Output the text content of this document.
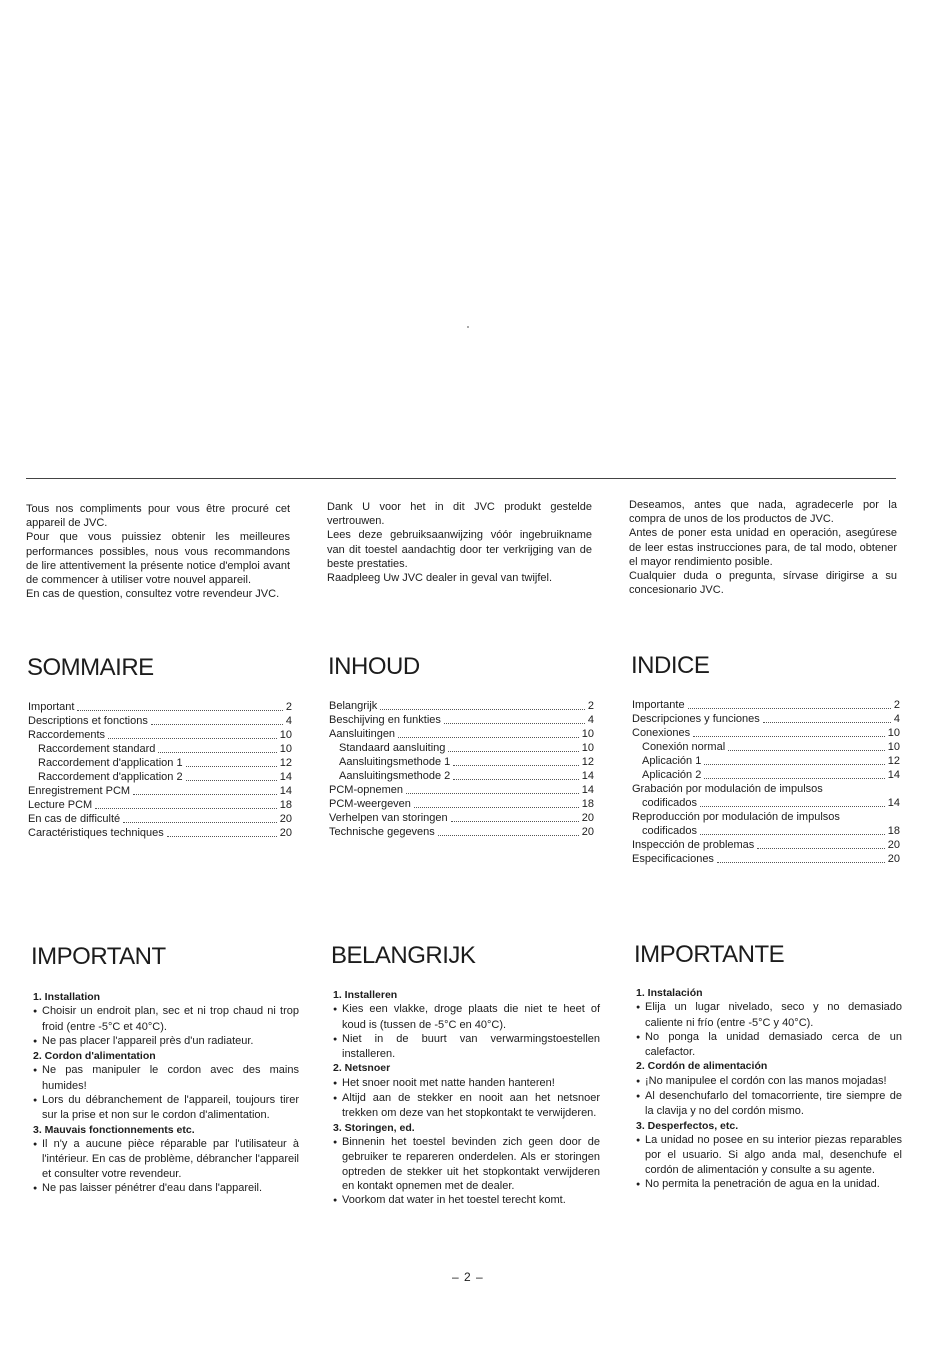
Tous nos compliments pour vous être procuré cet appareil de JVC.

Pour que vous puissiez obtenir les meilleures performances possibles, nous vous recommandons de lire attentivement la présente notice d'emploi avant de commencer à utiliser votre nouvel appareil.

En cas de question, consultez votre revendeur JVC.

Dank U voor het in dit JVC produkt gestelde vertrouwen.

Lees deze gebruiksaanwijzing vóór ingebruikname van dit toestel aandachtig door ter verkrijging van de beste prestaties.

Raadpleeg Uw JVC dealer in geval van twijfel.

Deseamos, antes que nada, agradecerle por la compra de unos de los productos de JVC.

Antes de poner esta unidad en operación, asegúrese de leer estas instrucciones para, de tal modo, obtener el mayor rendimiento posible.

Cualquier duda o pregunta, sírvase dirigirse a su concesionario JVC.

SOMMAIRE	INHOUD	INDICE
Important	2
Descriptions et fonctions	4
Raccordements	10
Raccordement standard	10
Raccordement d'application 1	12
Raccordement d'application 2	14
Enregistrement PCM	14
Lecture PCM	18
En cas de difficulté	20
Caractéristiques techniques	20
Belangrijk	2
Beschijving en funkties	4
Aansluitingen	10
Standaard aansluiting	10
Aansluitingsmethode 1	12
Aansluitingsmethode 2	14
PCM-opnemen	14
PCM-weergeven	18
Verhelpen van storingen	20
Technische gegevens	20
Importante	2
Descripciones y funciones	4
Conexiones	10
Conexión normal	10
Aplicación 1	12
Aplicación 2	14
Grabación por modulación de impulsos
codificados	14
Reproducción por modulación de impulsos
codificados	18
Inspección de problemas	20
Especificaciones	20
IMPORTANT	BELANGRIJK	IMPORTANTE

1. Installation

● Choisir un endroit plan, sec et ni trop chaud ni trop froid (entre -5°C et 40°C).

● Ne pas placer l'appareil près d'un radiateur.

2. Cordon d'alimentation

● Ne pas manipuler le cordon avec des mains humides!

● Lors du débranchement de l'appareil, toujours tirer sur la prise et non sur le cordon d'alimentation.

3. Mauvais fonctionnements etc.

● Il n'y a aucune pièce réparable par l'utilisateur à l'intérieur. En cas de problème, débrancher l'appareil et consulter votre revendeur.

● Ne pas laisser pénétrer d'eau dans l'appareil.

1. Installeren

● Kies een vlakke, droge plaats die niet te heet of koud is (tussen de -5°C en 40°C).

● Niet in de buurt van verwarmingstoestellen installeren.

2. Netsnoer

● Het snoer nooit met natte handen hanteren!

● Altijd aan de stekker en nooit aan het netsnoer trekken om deze van het stopkontakt te verwijderen.

3. Storingen, ed.

● Binnenin het toestel bevinden zich geen door de gebruiker te repareren onderdelen. Als er storingen optreden de stekker uit het stopkontakt verwijderen en kontakt opnemen met de dealer.

● Voorkom dat water in het toestel terecht komt.

1. Instalación

● Elija un lugar nivelado, seco y no demasiado caliente ni frío (entre -5°C y 40°C).

● No ponga la unidad demasiado cerca de un calefactor.

2. Cordón de alimentación

● ¡No manipulee el cordón con las manos mojadas!

● Al desenchufarlo del tomacorriente, tire siempre de la clavija y no del cordón mismo.

3. Desperfectos, etc.

● La unidad no posee en su interior piezas reparables por el usuario. Si algo anda mal, desenchufe el cordón de alimentación y consulte a su agente.

● No permita la penetración de agua en la unidad.

– 2 –
